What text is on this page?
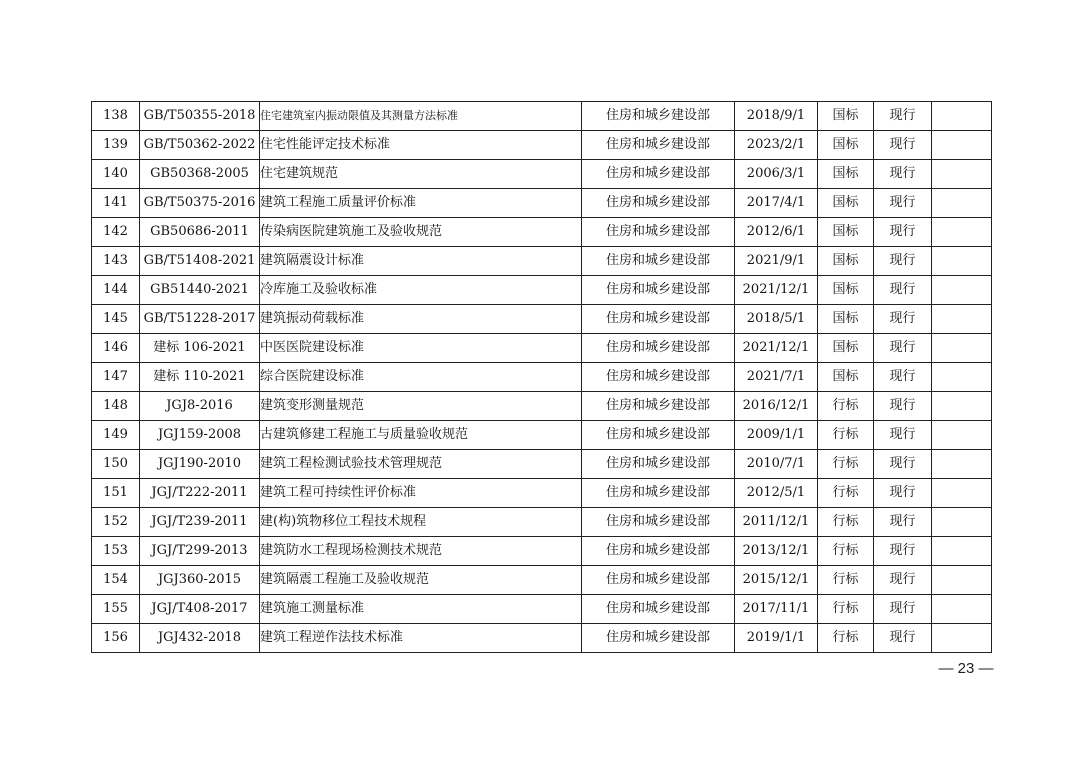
138	GB/T50355-2018	住宅建筑室内振动限值及其测量方法标准	住房和城乡建设部	2018/9/1	国标	现行	
139	GB/T50362-2022	住宅性能评定技术标准	住房和城乡建设部	2023/2/1	国标	现行	
140	GB50368-2005	住宅建筑规范	住房和城乡建设部	2006/3/1	国标	现行	
141	GB/T50375-2016	建筑工程施工质量评价标准	住房和城乡建设部	2017/4/1	国标	现行	
142	GB50686-2011	传染病医院建筑施工及验收规范	住房和城乡建设部	2012/6/1	国标	现行	
143	GB/T51408-2021	建筑隔震设计标准	住房和城乡建设部	2021/9/1	国标	现行	
144	GB51440-2021	冷库施工及验收标准	住房和城乡建设部	2021/12/1	国标	现行	
145	GB/T51228-2017	建筑振动荷载标准	住房和城乡建设部	2018/5/1	国标	现行	
146	建标 106-2021	中医医院建设标准	住房和城乡建设部	2021/12/1	国标	现行	
147	建标 110-2021	综合医院建设标准	住房和城乡建设部	2021/7/1	国标	现行	
148	JGJ8-2016	建筑变形测量规范	住房和城乡建设部	2016/12/1	行标	现行	
149	JGJ159-2008	古建筑修建工程施工与质量验收规范	住房和城乡建设部	2009/1/1	行标	现行	
150	JGJ190-2010	建筑工程检测试验技术管理规范	住房和城乡建设部	2010/7/1	行标	现行	
151	JGJ/T222-2011	建筑工程可持续性评价标准	住房和城乡建设部	2012/5/1	行标	现行	
152	JGJ/T239-2011	建(构)筑物移位工程技术规程	住房和城乡建设部	2011/12/1	行标	现行	
153	JGJ/T299-2013	建筑防水工程现场检测技术规范	住房和城乡建设部	2013/12/1	行标	现行	
154	JGJ360-2015	建筑隔震工程施工及验收规范	住房和城乡建设部	2015/12/1	行标	现行	
155	JGJ/T408-2017	建筑施工测量标准	住房和城乡建设部	2017/11/1	行标	现行	
156	JGJ432-2018	建筑工程逆作法技术标准	住房和城乡建设部	2019/1/1	行标	现行	
— 23 —
